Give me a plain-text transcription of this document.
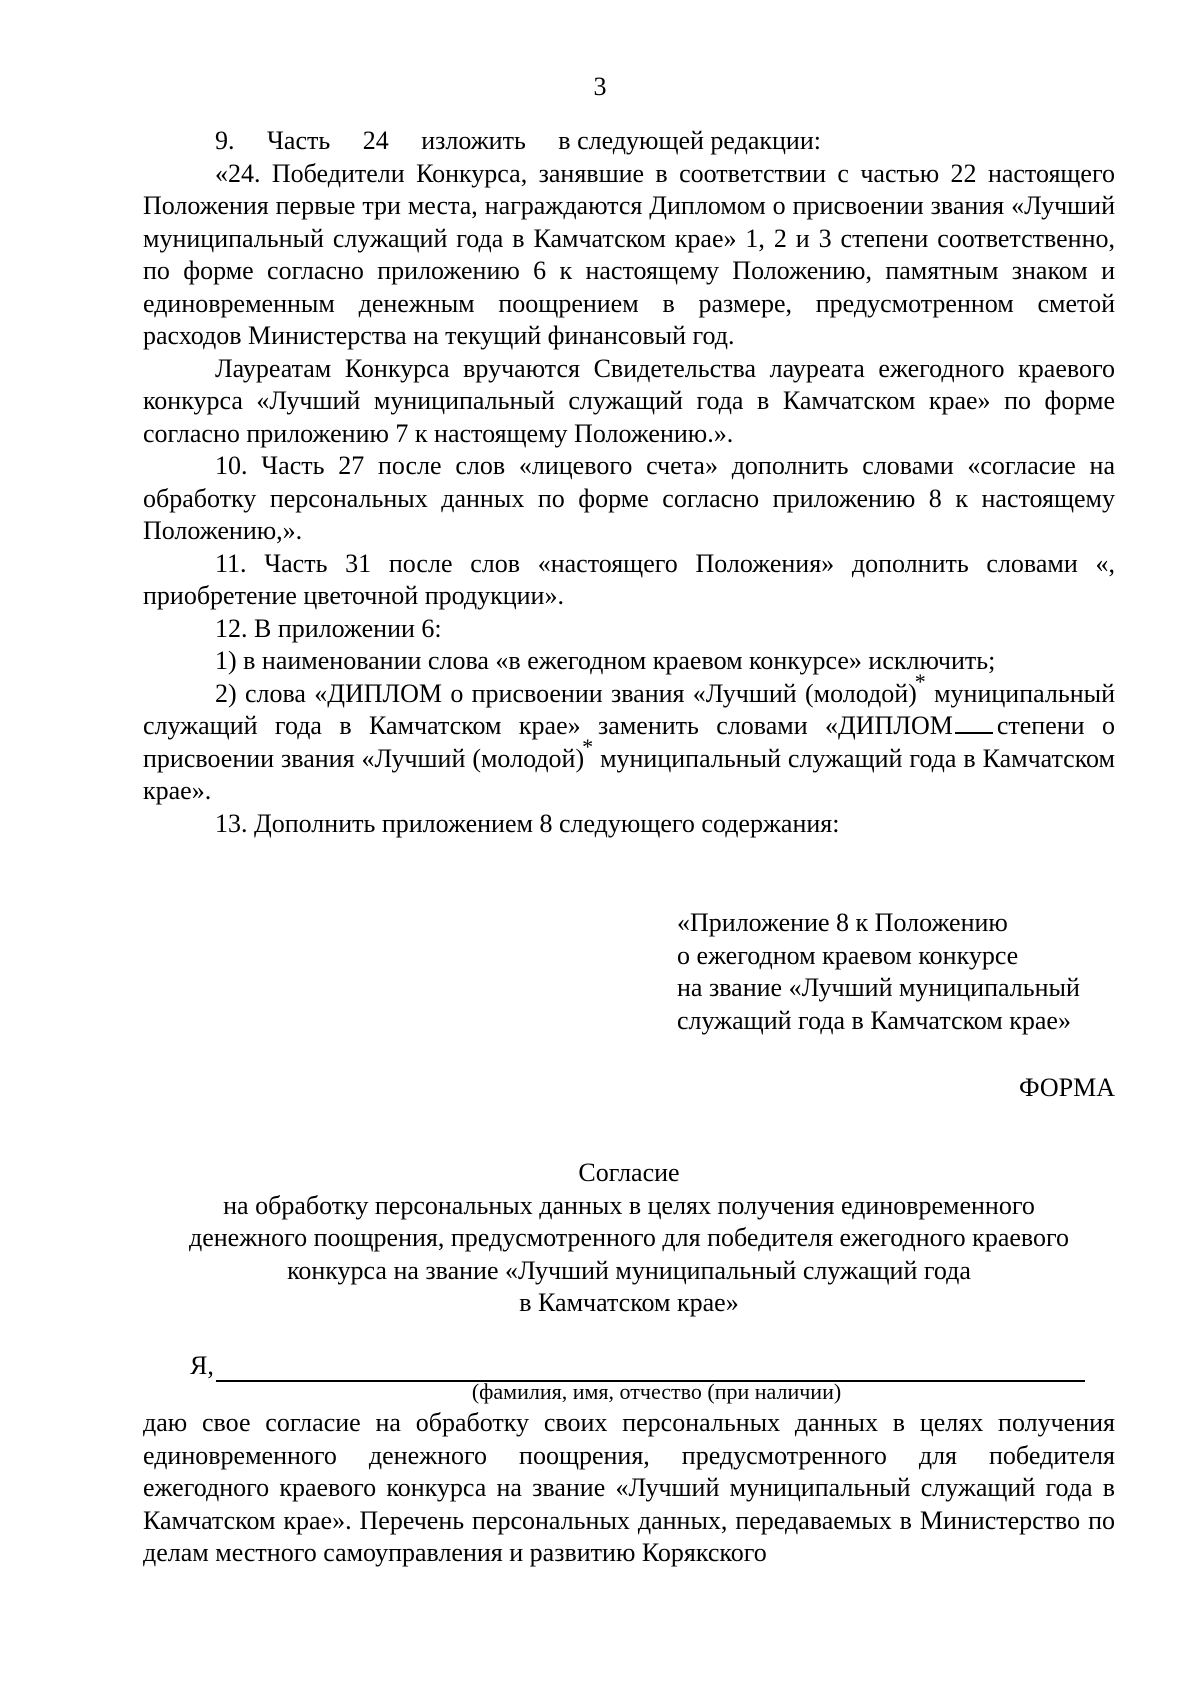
3
9.     Часть     24     изложить     в следующей редакции:
«24. Победители Конкурса, занявшие в соответствии с частью 22 настоящего Положения первые три места, награждаются Дипломом о присвоении звания «Лучший муниципальный служащий года в Камчатском крае» 1, 2 и 3 степени соответственно, по форме согласно приложению 6 к настоящему Положению, памятным знаком и единовременным денежным поощрением в размере, предусмотренном сметой расходов Министерства на текущий финансовый год.
Лауреатам Конкурса вручаются Свидетельства лауреата ежегодного краевого конкурса «Лучший муниципальный служащий года в Камчатском крае» по форме согласно приложению 7 к настоящему Положению.».
10. Часть 27 после слов «лицевого счета» дополнить словами «согласие на обработку персональных данных по форме согласно приложению 8 к настоящему Положению,».
11. Часть 31 после слов «настоящего Положения» дополнить словами «, приобретение цветочной продукции».
12. В приложении 6:
1) в наименовании слова «в ежегодном краевом конкурсе» исключить;
2) слова «ДИПЛОМ о присвоении звания «Лучший (молодой)* муниципальный служащий года в Камчатском крае» заменить словами «ДИПЛОМ степени о присвоении звания «Лучший (молодой)* муниципальный служащий года в Камчатском крае».
13. Дополнить приложением 8 следующего содержания:
«Приложение 8 к Положению
о ежегодном краевом конкурсе
на звание «Лучший муниципальный
служащий года в Камчатском крае»
ФОРМА
Согласие
на обработку персональных данных в целях получения единовременного
денежного поощрения, предусмотренного для победителя ежегодного краевого
конкурса на звание «Лучший муниципальный служащий года
в Камчатском крае»
Я,
(фамилия, имя, отчество (при наличии)
даю свое согласие на обработку своих персональных данных в целях получения единовременного денежного поощрения, предусмотренного для победителя ежегодного краевого конкурса на звание «Лучший муниципальный служащий года в Камчатском крае». Перечень персональных данных, передаваемых в Министерство по делам местного самоуправления и развитию Корякского
